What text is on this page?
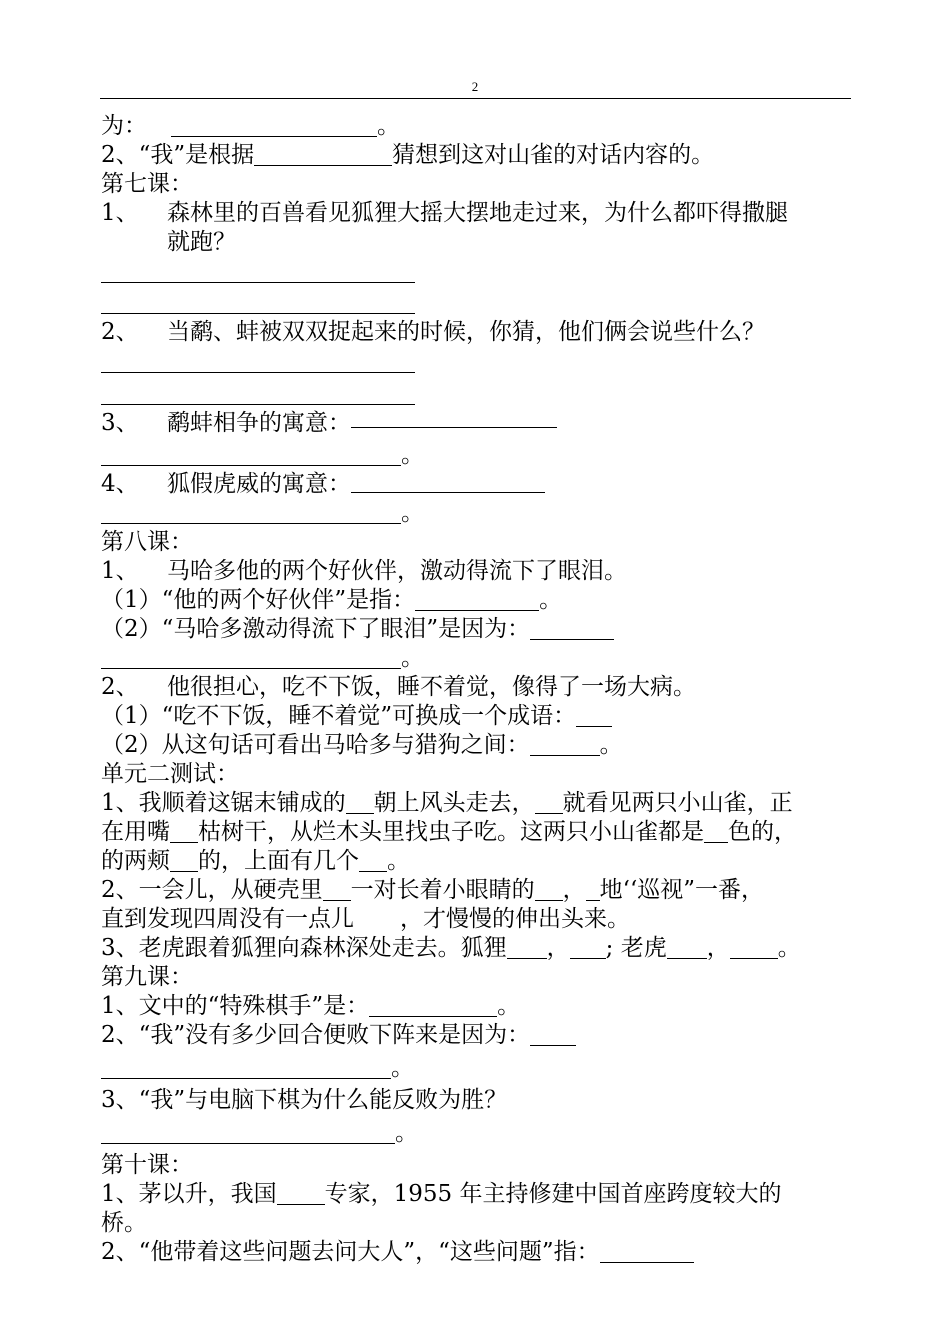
2
为：	。
2、“我”是根据	猜想到这对山雀的对话内容的。
第七课：
1、	森林里的百兽看见狐狸大摇大摆地走过来，为什么都吓得撒腿
就跑？
2、	当鹬、蚌被双双捉起来的时候，你猜，他们俩会说些什么？
3、	鹬蚌相争的寓意：
。
4、	狐假虎威的寓意：
。
第八课：
1、	马哈多他的两个好伙伴，激动得流下了眼泪。
（1）“他的两个好伙伴”是指：	。
（2）“马哈多激动得流下了眼泪”是因为：
。
2、	他很担心，吃不下饭，睡不着觉，像得了一场大病。
（1）“吃不下饭，睡不着觉”可换成一个成语：
（2）从这句话可看出马哈多与猎狗之间：	。
单元二测试：
1、我顺着这锯末铺成的 朝上风头走去， 就看见两只小山雀，正
在用嘴 枯树干，从烂木头里找虫子吃。这两只小山雀都是 色的，
的两颊 的，上面有几个 。
2、一会儿，从硬壳里 一对长着小眼睛的 ， 地‘‘巡视”一番，
直到发现四周没有一点儿 ，才慢慢的伸出头来。
3、老虎跟着狐狸向森林深处走去。狐狸 ， ; 老虎 ， 。
第九课：
1、文中的“特殊棋手”是：	。
2、“我”没有多少回合便败下阵来是因为：
。
3、“我”与电脑下棋为什么能反败为胜？
。
第十课：
1、茅以升，我国 专家，1955 年主持修建中国首座跨度较大的
桥。
2、“他带着这些问题去问大人”，“这些问题”指：
